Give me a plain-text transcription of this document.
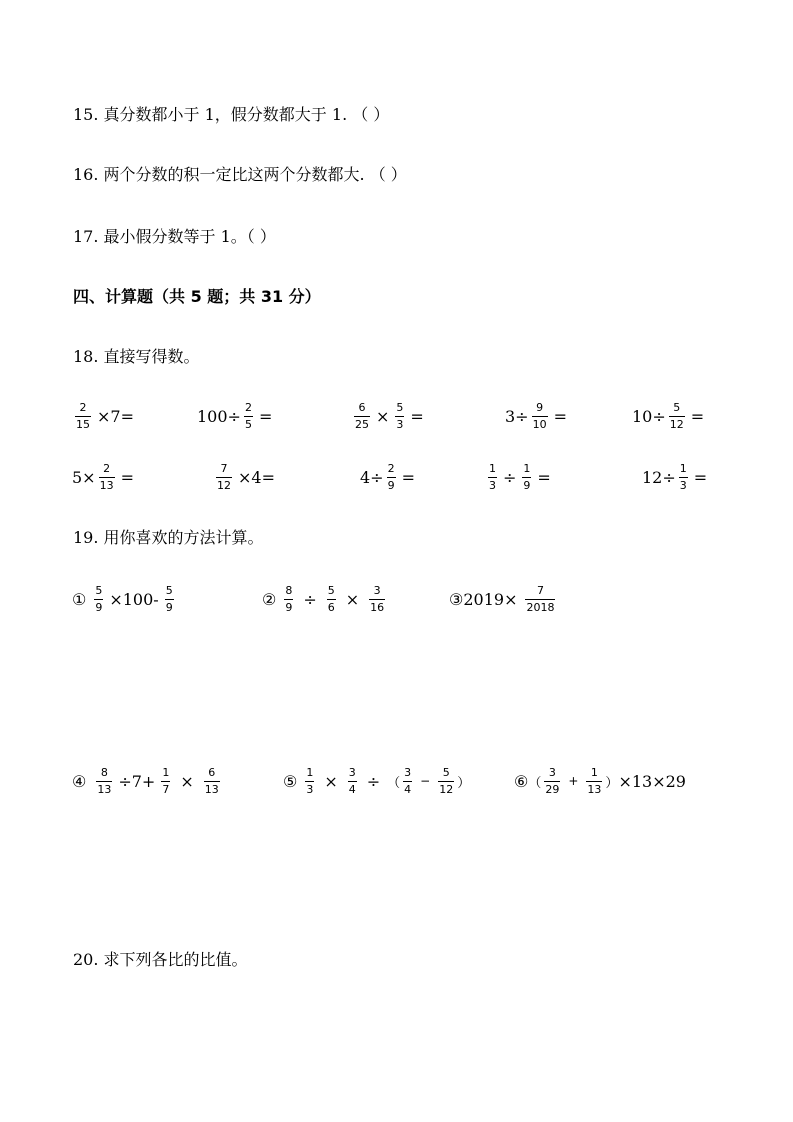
15. 真分数都小于 1，假分数都大于 1. （ ）
16. 两个分数的积一定比这两个分数都大. （ ）
17. 最小假分数等于 1。（ ）
四、计算题（共 5 题；共 31 分）
18. 直接写得数。
$\frac{2}{15} \times 7=$	$100\div \frac{2}{5}$ =	$\frac{6}{25} \times \frac{5}{3}$ =	$3\div \frac{9}{10}$ =	$10\div \frac{5}{12}$ =
$5\times \frac{2}{13}$ =	$\frac{7}{12} \times 4=$	$4\div \frac{2}{9}$ =	$\frac{1}{3} \div \frac{1}{9}$ =	$12\div \frac{1}{3}$ =
19. 用你喜欢的方法计算。
① $\frac{5}{9} \times 100- \frac{5}{9}$	② $\frac{8}{9} \div \frac{5}{6} \times \frac{3}{16}$	③ $2019\times \frac{7}{2018}$
④ $\frac{8}{13} \div 7+ \frac{1}{7} \times \frac{6}{13}$	⑤ $\frac{1}{3} \times \frac{3}{4}$ ÷ （ $\frac{3}{4} - \frac{5}{12}$ ）	⑥ （ $\frac{3}{29} + \frac{1}{13}$ ） ×13×29
20. 求下列各比的比值。
